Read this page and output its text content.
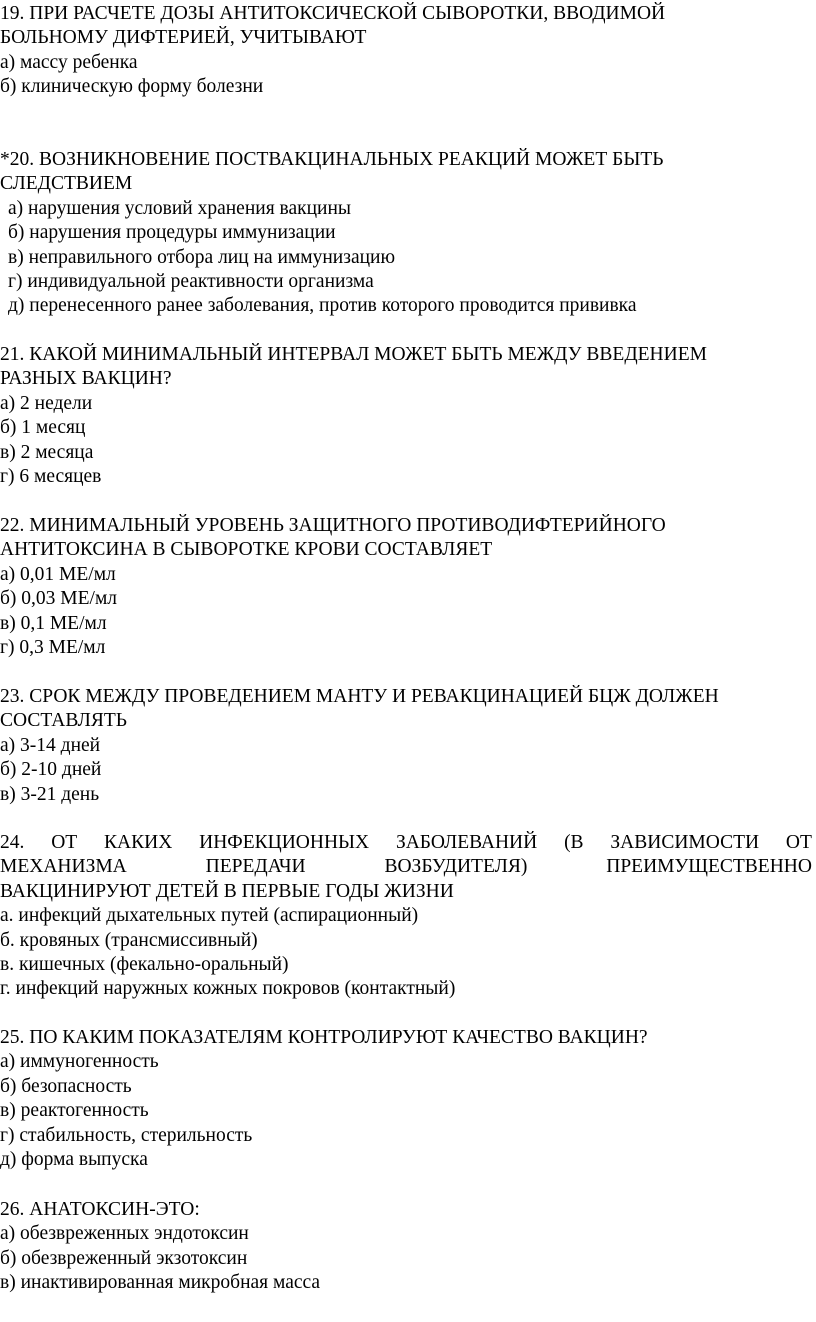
19. ПРИ РАСЧЕТЕ ДОЗЫ АНТИТОКСИЧЕСКОЙ СЫВОРОТКИ, ВВОДИМОЙ
БОЛЬНОМУ ДИФТЕРИЕЙ, УЧИТЫВАЮТ
а) массу ребенка
б) клиническую форму болезни
*20. ВОЗНИКНОВЕНИЕ ПОСТВАКЦИНАЛЬНЫХ РЕАКЦИЙ МОЖЕТ БЫТЬ
СЛЕДСТВИЕМ
а) нарушения условий хранения вакцины
б) нарушения процедуры иммунизации
в) неправильного отбора лиц на иммунизацию
г) индивидуальной реактивности организма
д) перенесенного ранее заболевания, против которого проводится прививка
21. КАКОЙ МИНИМАЛЬНЫЙ ИНТЕРВАЛ МОЖЕТ БЫТЬ МЕЖДУ ВВЕДЕНИЕМ
РАЗНЫХ ВАКЦИН?
а) 2 недели
б) 1 месяц
в) 2 месяца
г) 6 месяцев
22. МИНИМАЛЬНЫЙ УРОВЕНЬ ЗАЩИТНОГО ПРОТИВОДИФТЕРИЙНОГО
АНТИТОКСИНА В СЫВОРОТКЕ КРОВИ СОСТАВЛЯЕТ
а) 0,01 МЕ/мл
б) 0,03 МЕ/мл
в) 0,1 МЕ/мл
г) 0,3 МЕ/мл
23. СРОК МЕЖДУ ПРОВЕДЕНИЕМ МАНТУ И РЕВАКЦИНАЦИЕЙ БЦЖ ДОЛЖЕН
СОСТАВЛЯТЬ
а) 3-14 дней
б) 2-10 дней
в) 3-21 день
24. ОТ КАКИХ ИНФЕКЦИОННЫХ ЗАБОЛЕВАНИЙ (В ЗАВИСИМОСТИ ОТ
МЕХАНИЗМА	ПЕРЕДАЧИ	ВОЗБУДИТЕЛЯ)	ПРЕИМУЩЕСТВЕННО
ВАКЦИНИРУЮТ ДЕТЕЙ В ПЕРВЫЕ ГОДЫ ЖИЗНИ
а. инфекций дыхательных путей (аспирационный)
б. кровяных (трансмиссивный)
в. кишечных (фекально-оральный)
г. инфекций наружных кожных покровов (контактный)
25. ПО КАКИМ ПОКАЗАТЕЛЯМ КОНТРОЛИРУЮТ КАЧЕСТВО ВАКЦИН?
а) иммуногенность
б) безопасность
в) реактогенность
г) стабильность, стерильность
д) форма выпуска
26. АНАТОКСИН-ЭТО:
а) обезвреженных эндотоксин
б) обезвреженный экзотоксин
в) инактивированная микробная масса
